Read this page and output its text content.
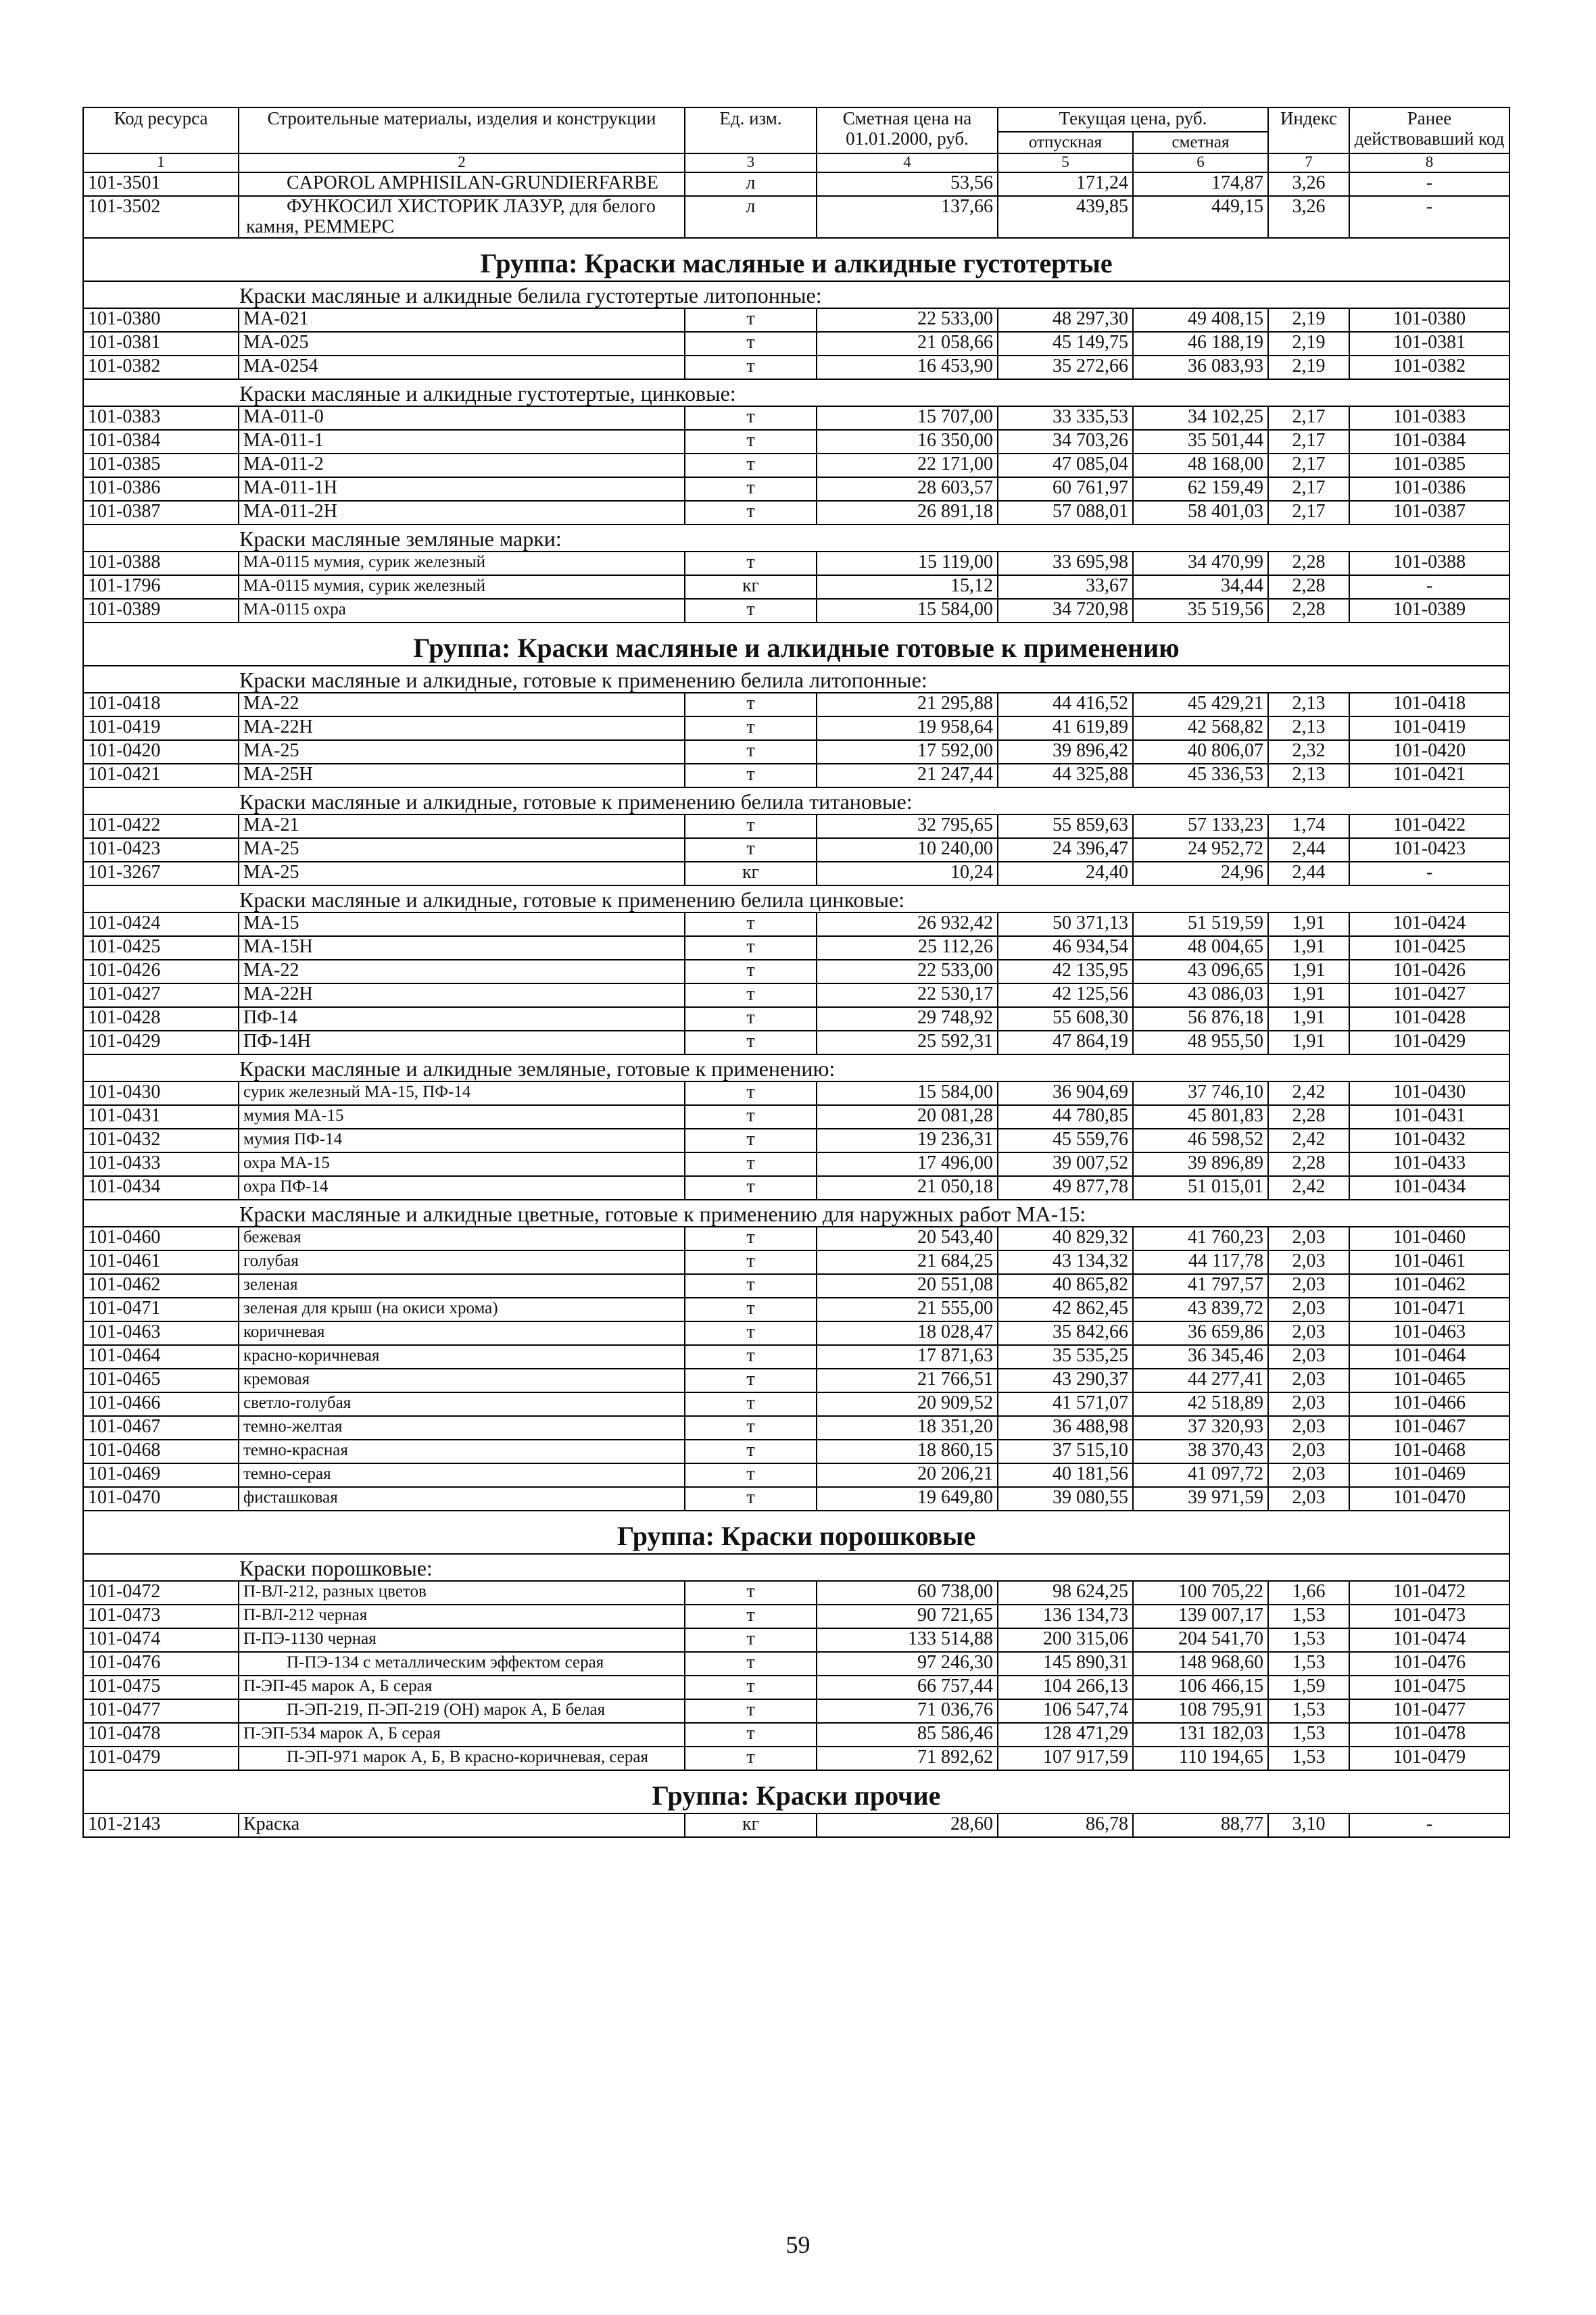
Код ресурса	Строительные материалы, изделия и конструкции	Ед. изм.	Сметная цена на 01.01.2000, руб.	Текущая цена, руб.		Индекс	Ранее действовавший код
				отпускная	сметная		
1	2	3	4	5	6	7	8
101-3501	CAPOROL AMPHISILAN-GRUNDIERFARBE	л	53,56	171,24	174,87	3,26	-
101-3502	ФУНКОСИЛ ХИСТОРИК ЛАЗУР, для белого камня, РЕММЕРС	л	137,66	439,85	449,15	3,26	-
Группа: Краски масляные и алкидные густотертые							
Краски масляные и алкидные белила густотертые литопонные:							
101-0380	МА-021	т	22 533,00	48 297,30	49 408,15	2,19	101-0380
101-0381	МА-025	т	21 058,66	45 149,75	46 188,19	2,19	101-0381
101-0382	МА-0254	т	16 453,90	35 272,66	36 083,93	2,19	101-0382
Краски масляные и алкидные густотертые, цинковые:							
101-0383	МА-011-0	т	15 707,00	33 335,53	34 102,25	2,17	101-0383
101-0384	МА-011-1	т	16 350,00	34 703,26	35 501,44	2,17	101-0384
101-0385	МА-011-2	т	22 171,00	47 085,04	48 168,00	2,17	101-0385
101-0386	МА-011-1Н	т	28 603,57	60 761,97	62 159,49	2,17	101-0386
101-0387	МА-011-2Н	т	26 891,18	57 088,01	58 401,03	2,17	101-0387
Краски масляные земляные марки:							
101-0388	МА-0115 мумия, сурик железный	т	15 119,00	33 695,98	34 470,99	2,28	101-0388
101-1796	МА-0115 мумия, сурик железный	кг	15,12	33,67	34,44	2,28	-
101-0389	МА-0115 охра	т	15 584,00	34 720,98	35 519,56	2,28	101-0389
Группа: Краски масляные и алкидные готовые к применению							
Краски масляные и алкидные, готовые к применению белила литопонные:							
101-0418	МА-22	т	21 295,88	44 416,52	45 429,21	2,13	101-0418
101-0419	МА-22Н	т	19 958,64	41 619,89	42 568,82	2,13	101-0419
101-0420	МА-25	т	17 592,00	39 896,42	40 806,07	2,32	101-0420
101-0421	МА-25Н	т	21 247,44	44 325,88	45 336,53	2,13	101-0421
Краски масляные и алкидные, готовые к применению белила титановые:							
101-0422	МА-21	т	32 795,65	55 859,63	57 133,23	1,74	101-0422
101-0423	МА-25	т	10 240,00	24 396,47	24 952,72	2,44	101-0423
101-3267	МА-25	кг	10,24	24,40	24,96	2,44	-
Краски масляные и алкидные, готовые к применению белила цинковые:							
101-0424	МА-15	т	26 932,42	50 371,13	51 519,59	1,91	101-0424
101-0425	МА-15Н	т	25 112,26	46 934,54	48 004,65	1,91	101-0425
101-0426	МА-22	т	22 533,00	42 135,95	43 096,65	1,91	101-0426
101-0427	МА-22Н	т	22 530,17	42 125,56	43 086,03	1,91	101-0427
101-0428	ПФ-14	т	29 748,92	55 608,30	56 876,18	1,91	101-0428
101-0429	ПФ-14Н	т	25 592,31	47 864,19	48 955,50	1,91	101-0429
Краски масляные и алкидные земляные, готовые к применению:							
101-0430	сурик железный МА-15, ПФ-14	т	15 584,00	36 904,69	37 746,10	2,42	101-0430
101-0431	мумия МА-15	т	20 081,28	44 780,85	45 801,83	2,28	101-0431
101-0432	мумия ПФ-14	т	19 236,31	45 559,76	46 598,52	2,42	101-0432
101-0433	охра МА-15	т	17 496,00	39 007,52	39 896,89	2,28	101-0433
101-0434	охра ПФ-14	т	21 050,18	49 877,78	51 015,01	2,42	101-0434
Краски масляные и алкидные цветные, готовые к применению для наружных работ МА-15:							
101-0460	бежевая	т	20 543,40	40 829,32	41 760,23	2,03	101-0460
101-0461	голубая	т	21 684,25	43 134,32	44 117,78	2,03	101-0461
101-0462	зеленая	т	20 551,08	40 865,82	41 797,57	2,03	101-0462
101-0471	зеленая для крыш (на окиси хрома)	т	21 555,00	42 862,45	43 839,72	2,03	101-0471
101-0463	коричневая	т	18 028,47	35 842,66	36 659,86	2,03	101-0463
101-0464	красно-коричневая	т	17 871,63	35 535,25	36 345,46	2,03	101-0464
101-0465	кремовая	т	21 766,51	43 290,37	44 277,41	2,03	101-0465
101-0466	светло-голубая	т	20 909,52	41 571,07	42 518,89	2,03	101-0466
101-0467	темно-желтая	т	18 351,20	36 488,98	37 320,93	2,03	101-0467
101-0468	темно-красная	т	18 860,15	37 515,10	38 370,43	2,03	101-0468
101-0469	темно-серая	т	20 206,21	40 181,56	41 097,72	2,03	101-0469
101-0470	фисташковая	т	19 649,80	39 080,55	39 971,59	2,03	101-0470
Группа: Краски порошковые							
Краски порошковые:							
101-0472	П-ВЛ-212, разных цветов	т	60 738,00	98 624,25	100 705,22	1,66	101-0472
101-0473	П-ВЛ-212 черная	т	90 721,65	136 134,73	139 007,17	1,53	101-0473
101-0474	П-ПЭ-1130 черная	т	133 514,88	200 315,06	204 541,70	1,53	101-0474
101-0476	П-ПЭ-134 с металлическим эффектом серая	т	97 246,30	145 890,31	148 968,60	1,53	101-0476
101-0475	П-ЭП-45 марок А, Б серая	т	66 757,44	104 266,13	106 466,15	1,59	101-0475
101-0477	П-ЭП-219, П-ЭП-219 (ОН) марок А, Б белая	т	71 036,76	106 547,74	108 795,91	1,53	101-0477
101-0478	П-ЭП-534 марок А, Б серая	т	85 586,46	128 471,29	131 182,03	1,53	101-0478
101-0479	П-ЭП-971 марок А, Б, В красно-коричневая, серая	т	71 892,62	107 917,59	110 194,65	1,53	101-0479
Группа: Краски прочие							
101-2143	Краска	кг	28,60	86,78	88,77	3,10	-
59
